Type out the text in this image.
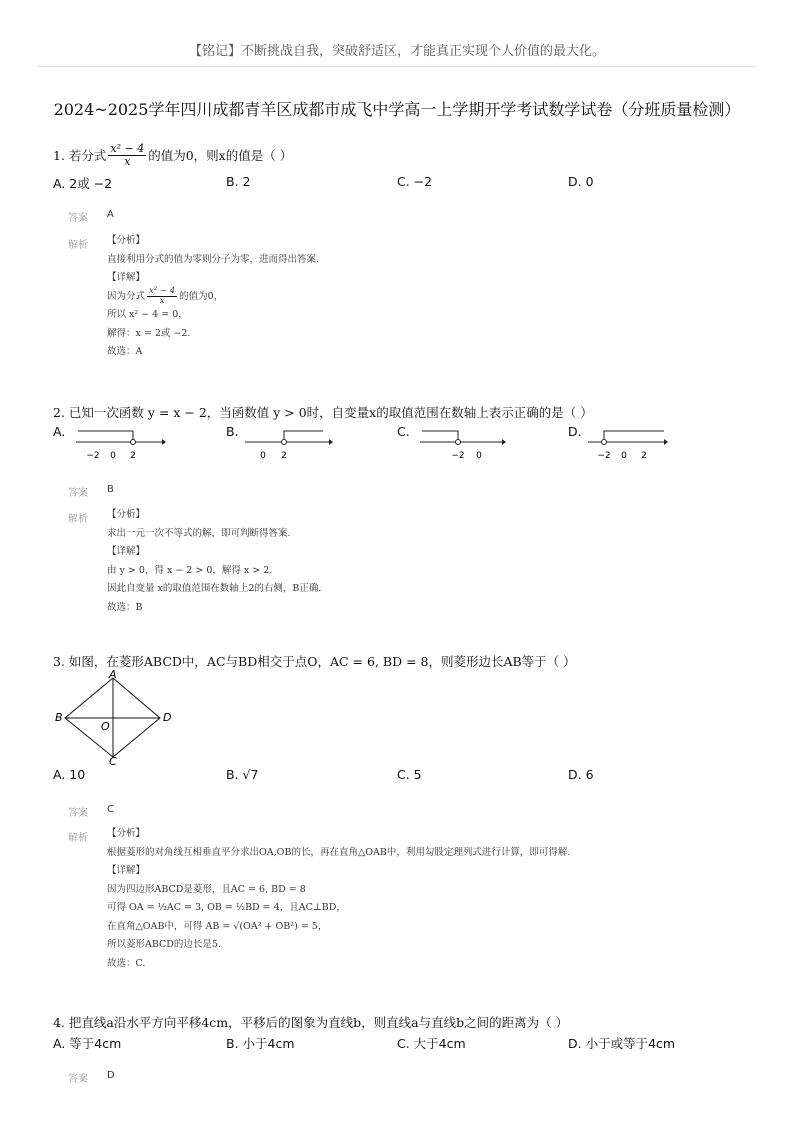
【铭记】不断挑战自我，突破舒适区，才能真正实现个人价值的最大化。
2024~2025学年四川成都青羊区成都市成飞中学高一上学期开学考试数学试卷（分班质量检测）
1. 若分式 $\frac{\text{x² − 4}}{x}$ 的值为0，则x的值是（ ）
A. 2或 −2	B. 2	C. −2	D. 0
答案 A
解析 【分析】
直接利用分式的值为零则分子为零，进而得出答案.
【详解】
因为分式 $\frac{\text{x² − 4}}{x}$ 的值为0，
所以 x² − 4 = 0，
解得：x = 2或 −2.
故选：A
2. 已知一次函数 y = x − 2，当函数值 y > 0时，自变量x的取值范围在数轴上表示正确的是（ ）
A.
−2 0 2
B.
0 2
C.
−2 0
D.
−2 0 2
答案 B
解析 【分析】
求出一元一次不等式的解，即可判断得答案.
【详解】
由 y > 0，得 x − 2 > 0，解得 x > 2.
因此自变量 x的取值范围在数轴上2的右侧，B正确.
故选：B
3. 如图，在菱形ABCD中，AC与BD相交于点O，AC = 6, BD = 8，则菱形边长AB等于（ ）
A
B
C
D
O
A. 10	B. √7	C. 5	D. 6
答案 C
解析 【分析】
根据菱形的对角线互相垂直平分求出OA,OB的长，再在直角△OAB中，利用勾股定理列式进行计算，即可得解.
【详解】
因为四边形ABCD是菱形，且AC = 6, BD = 8
可得 OA = ½AC = 3, OB = ½BD = 4，且AC⊥BD，
在直角△OAB中，可得 AB = √(OA² + OB²) = 5，
所以菱形ABCD的边长是5.
故选：C.
4. 把直线a沿水平方向平移4cm，平移后的图象为直线b，则直线a与直线b之间的距离为（ ）
A. 等于4cm	B. 小于4cm	C. 大于4cm	D. 小于或等于4cm
答案 D
